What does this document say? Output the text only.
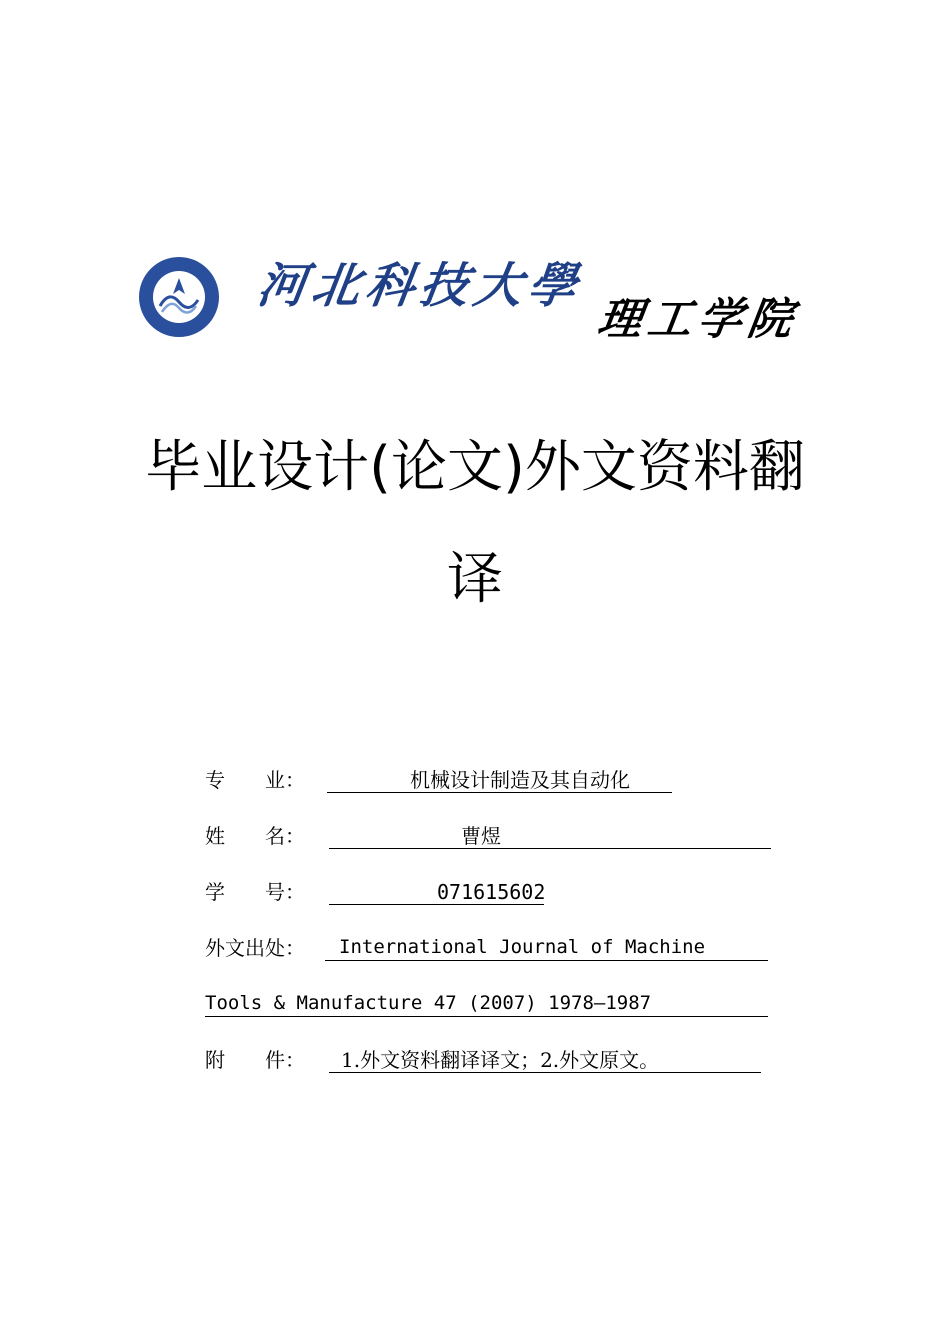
河北科技大學
理工学院
毕业设计(论文)外文资料翻
译
专　　业：	机械设计制造及其自动化
姓　　名：	曹煜
学　　号：	071615602
外文出处： International Journal of Machine
Tools & Manufacture 47 (2007) 1978–1987
附　　件： 1.外文资料翻译译文；2.外文原文。
